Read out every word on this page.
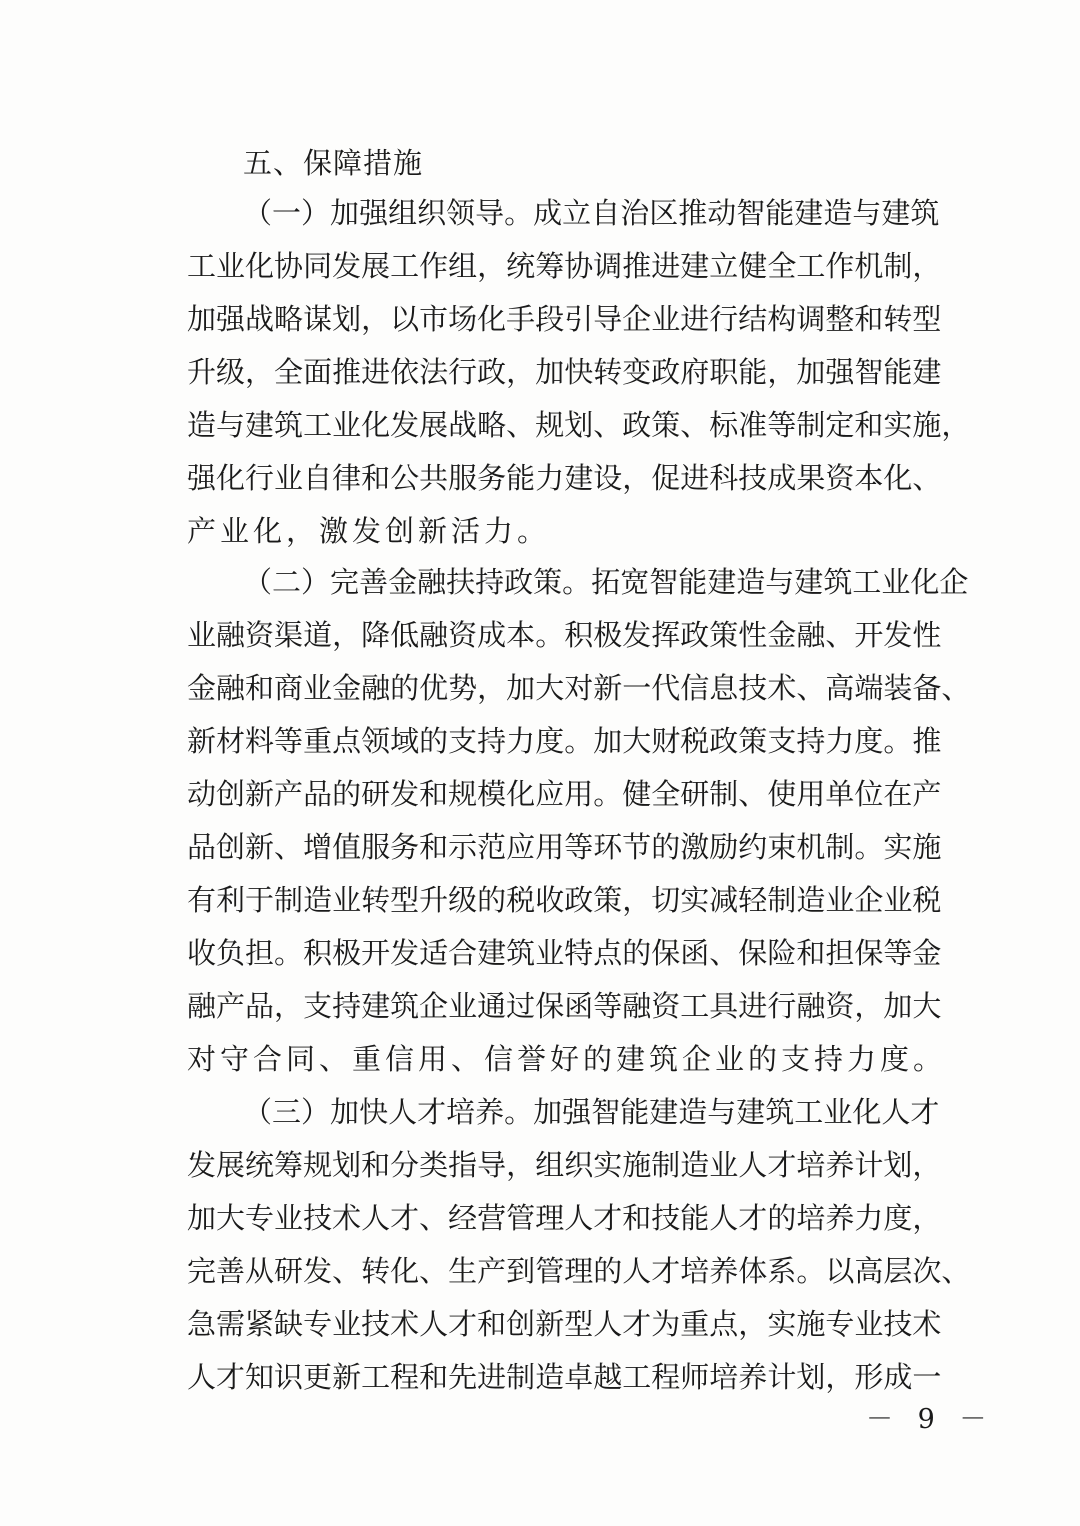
五、保障措施
（ 一 ） 加 强 组 织 领 导 。 成 立 自 治 区 推 动 智 能 建 造 与 建 筑
工 业 化 协 同 发 展 工 作 组 ， 统 筹 协 调 推 进 建 立 健 全 工 作 机 制 ，
加 强 战 略 谋 划 ， 以 市 场 化 手 段 引 导 企 业 进 行 结 构 调 整 和 转 型
升 级 ， 全 面 推 进 依 法 行 政 ， 加 快 转 变 政 府 职 能 ， 加 强 智 能 建
造 与 建 筑 工 业 化 发 展 战 略 、 规 划 、 政 策 、 标 准 等 制 定 和 实 施 ，
强 化 行 业 自 律 和 公 共 服 务 能 力 建 设 ， 促 进 科 技 成 果 资 本 化 、
产业化，激发创新活力。
（ 二 ） 完 善 金 融 扶 持 政 策 。 拓 宽 智 能 建 造 与 建 筑 工 业 化 企
业 融 资 渠 道 ， 降 低 融 资 成 本 。 积 极 发 挥 政 策 性 金 融 、 开 发 性
金 融 和 商 业 金 融 的 优 势 ， 加 大 对 新 一 代 信 息 技 术 、 高 端 装 备 、
新 材 料 等 重 点 领 域 的 支 持 力 度 。 加 大 财 税 政 策 支 持 力 度 。 推
动 创 新 产 品 的 研 发 和 规 模 化 应 用 。 健 全 研 制 、 使 用 单 位 在 产
品 创 新 、 增 值 服 务 和 示 范 应 用 等 环 节 的 激 励 约 束 机 制 。 实 施
有 利 于 制 造 业 转 型 升 级 的 税 收 政 策 ， 切 实 减 轻 制 造 业 企 业 税
收 负 担 。 积 极 开 发 适 合 建 筑 业 特 点 的 保 函 、 保 险 和 担 保 等 金
融 产 品 ， 支 持 建 筑 企 业 通 过 保 函 等 融 资 工 具 进 行 融 资 ， 加 大
对守合同、重信用、信誉好的建筑企业的支持力度。
（ 三 ） 加 快 人 才 培 养 。 加 强 智 能 建 造 与 建 筑 工 业 化 人 才
发 展 统 筹 规 划 和 分 类 指 导 ， 组 织 实 施 制 造 业 人 才 培 养 计 划 ，
加 大 专 业 技 术 人 才 、 经 营 管 理 人 才 和 技 能 人 才 的 培 养 力 度 ，
完 善 从 研 发 、 转 化 、 生 产 到 管 理 的 人 才 培 养 体 系 。 以 高 层 次 、
急 需 紧 缺 专 业 技 术 人 才 和 创 新 型 人 才 为 重 点 ， 实 施 专 业 技 术
人 才 知 识 更 新 工 程 和 先 进 制 造 卓 越 工 程 师 培 养 计 划 ， 形 成 一
－ 9 －
